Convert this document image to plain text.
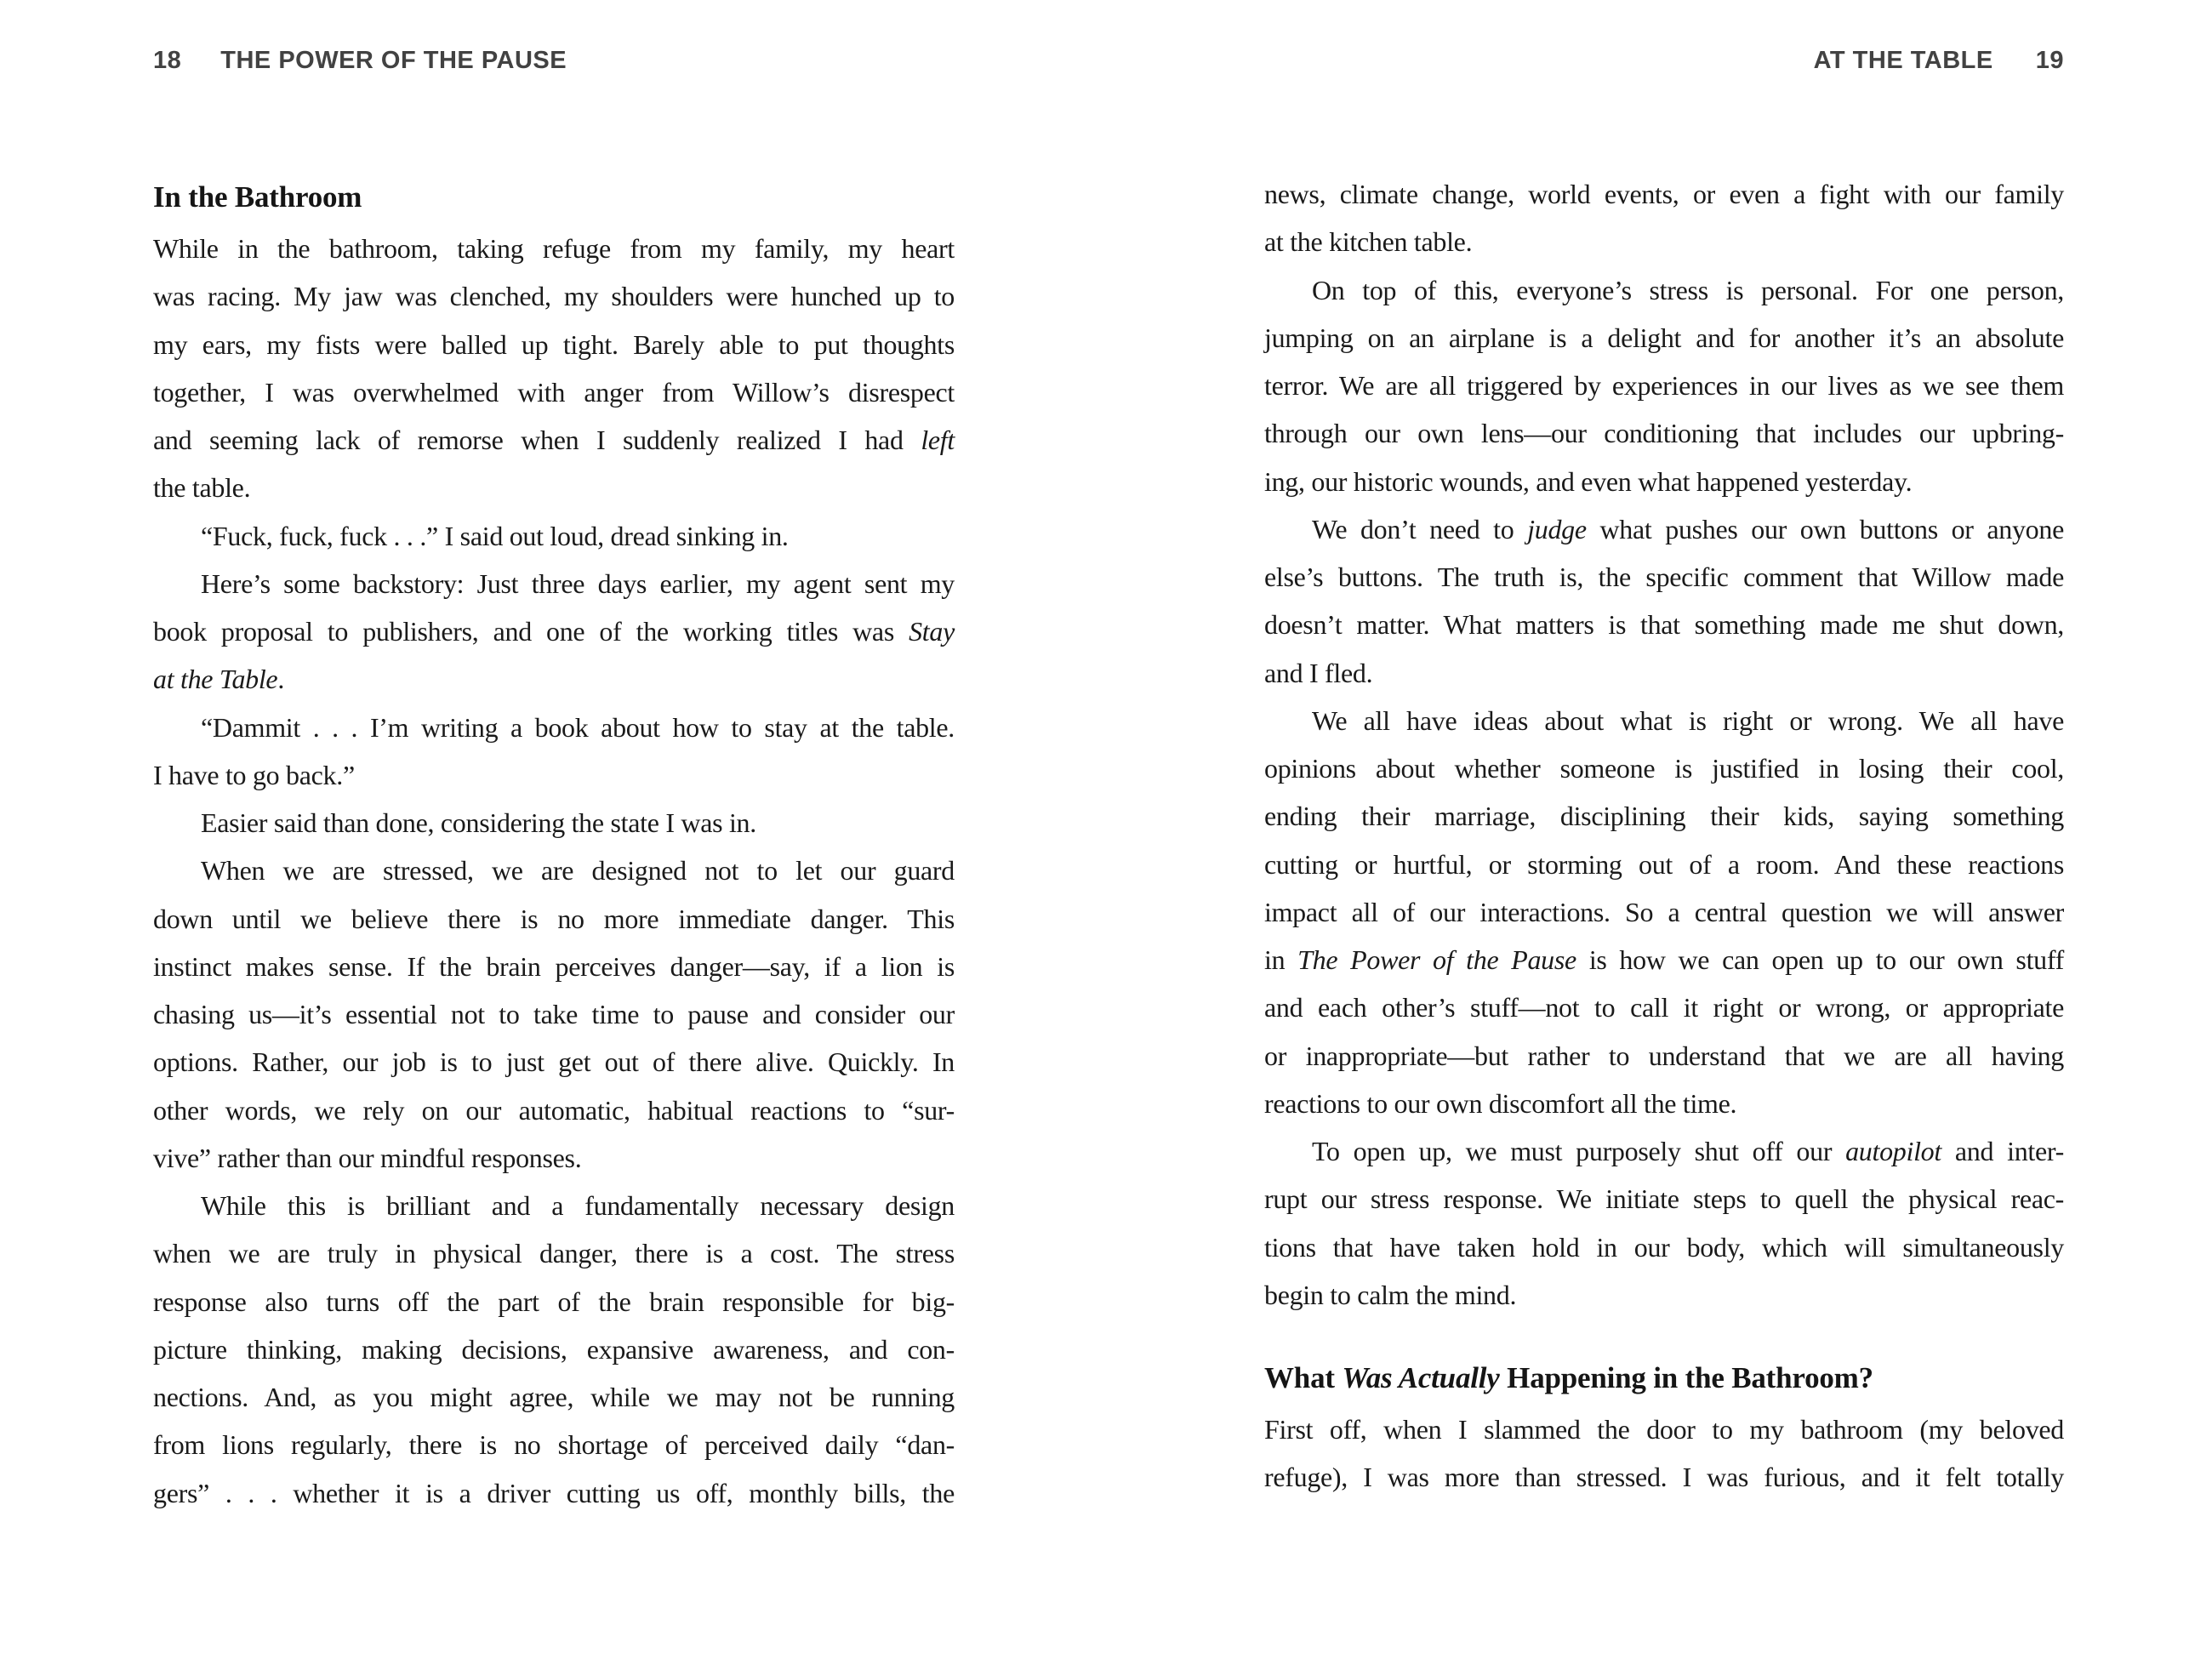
18 THE POWER OF THE PAUSE
In the Bathroom
While in the bathroom, taking refuge from my family, my heart
was racing. My jaw was clenched, my shoulders were hunched up to
my ears, my fists were balled up tight. Barely able to put thoughts
together, I was overwhelmed with anger from Willow’s disrespect
and seeming lack of remorse when I suddenly realized I had left
the table.
“Fuck, fuck, fuck . . .” I said out loud, dread sinking in.
Here’s some backstory: Just three days earlier, my agent sent my
book proposal to publishers, and one of the working titles was Stay
at the Table.
“Dammit . . . I’m writing a book about how to stay at the table.
I have to go back.”
Easier said than done, considering the state I was in.
When we are stressed, we are designed not to let our guard
down until we believe there is no more immediate danger. This
instinct makes sense. If the brain perceives danger—say, if a lion is
chasing us—it’s essential not to take time to pause and consider our
options. Rather, our job is to just get out of there alive. Quickly. In
other words, we rely on our automatic, habitual reactions to “sur-
vive” rather than our mindful responses.
While this is brilliant and a fundamentally necessary design
when we are truly in physical danger, there is a cost. The stress
response also turns off the part of the brain responsible for big-
picture thinking, making decisions, expansive awareness, and con-
nections. And, as you might agree, while we may not be running
from lions regularly, there is no shortage of perceived daily “dan-
gers” . . . whether it is a driver cutting us off, monthly bills, the
AT THE TABLE 19
news, climate change, world events, or even a fight with our family
at the kitchen table.
On top of this, everyone’s stress is personal. For one person,
jumping on an airplane is a delight and for another it’s an absolute
terror. We are all triggered by experiences in our lives as we see them
through our own lens—our conditioning that includes our upbring-
ing, our historic wounds, and even what happened yesterday.
We don’t need to judge what pushes our own buttons or anyone
else’s buttons. The truth is, the specific comment that Willow made
doesn’t matter. What matters is that something made me shut down,
and I fled.
We all have ideas about what is right or wrong. We all have
opinions about whether someone is justified in losing their cool,
ending their marriage, disciplining their kids, saying something
cutting or hurtful, or storming out of a room. And these reactions
impact all of our interactions. So a central question we will answer
in The Power of the Pause is how we can open up to our own stuff
and each other’s stuff—not to call it right or wrong, or appropriate
or inappropriate—but rather to understand that we are all having
reactions to our own discomfort all the time.
To open up, we must purposely shut off our autopilot and inter-
rupt our stress response. We initiate steps to quell the physical reac-
tions that have taken hold in our body, which will simultaneously
begin to calm the mind.
What Was Actually Happening in the Bathroom?
First off, when I slammed the door to my bathroom (my beloved
refuge), I was more than stressed. I was furious, and it felt totally
